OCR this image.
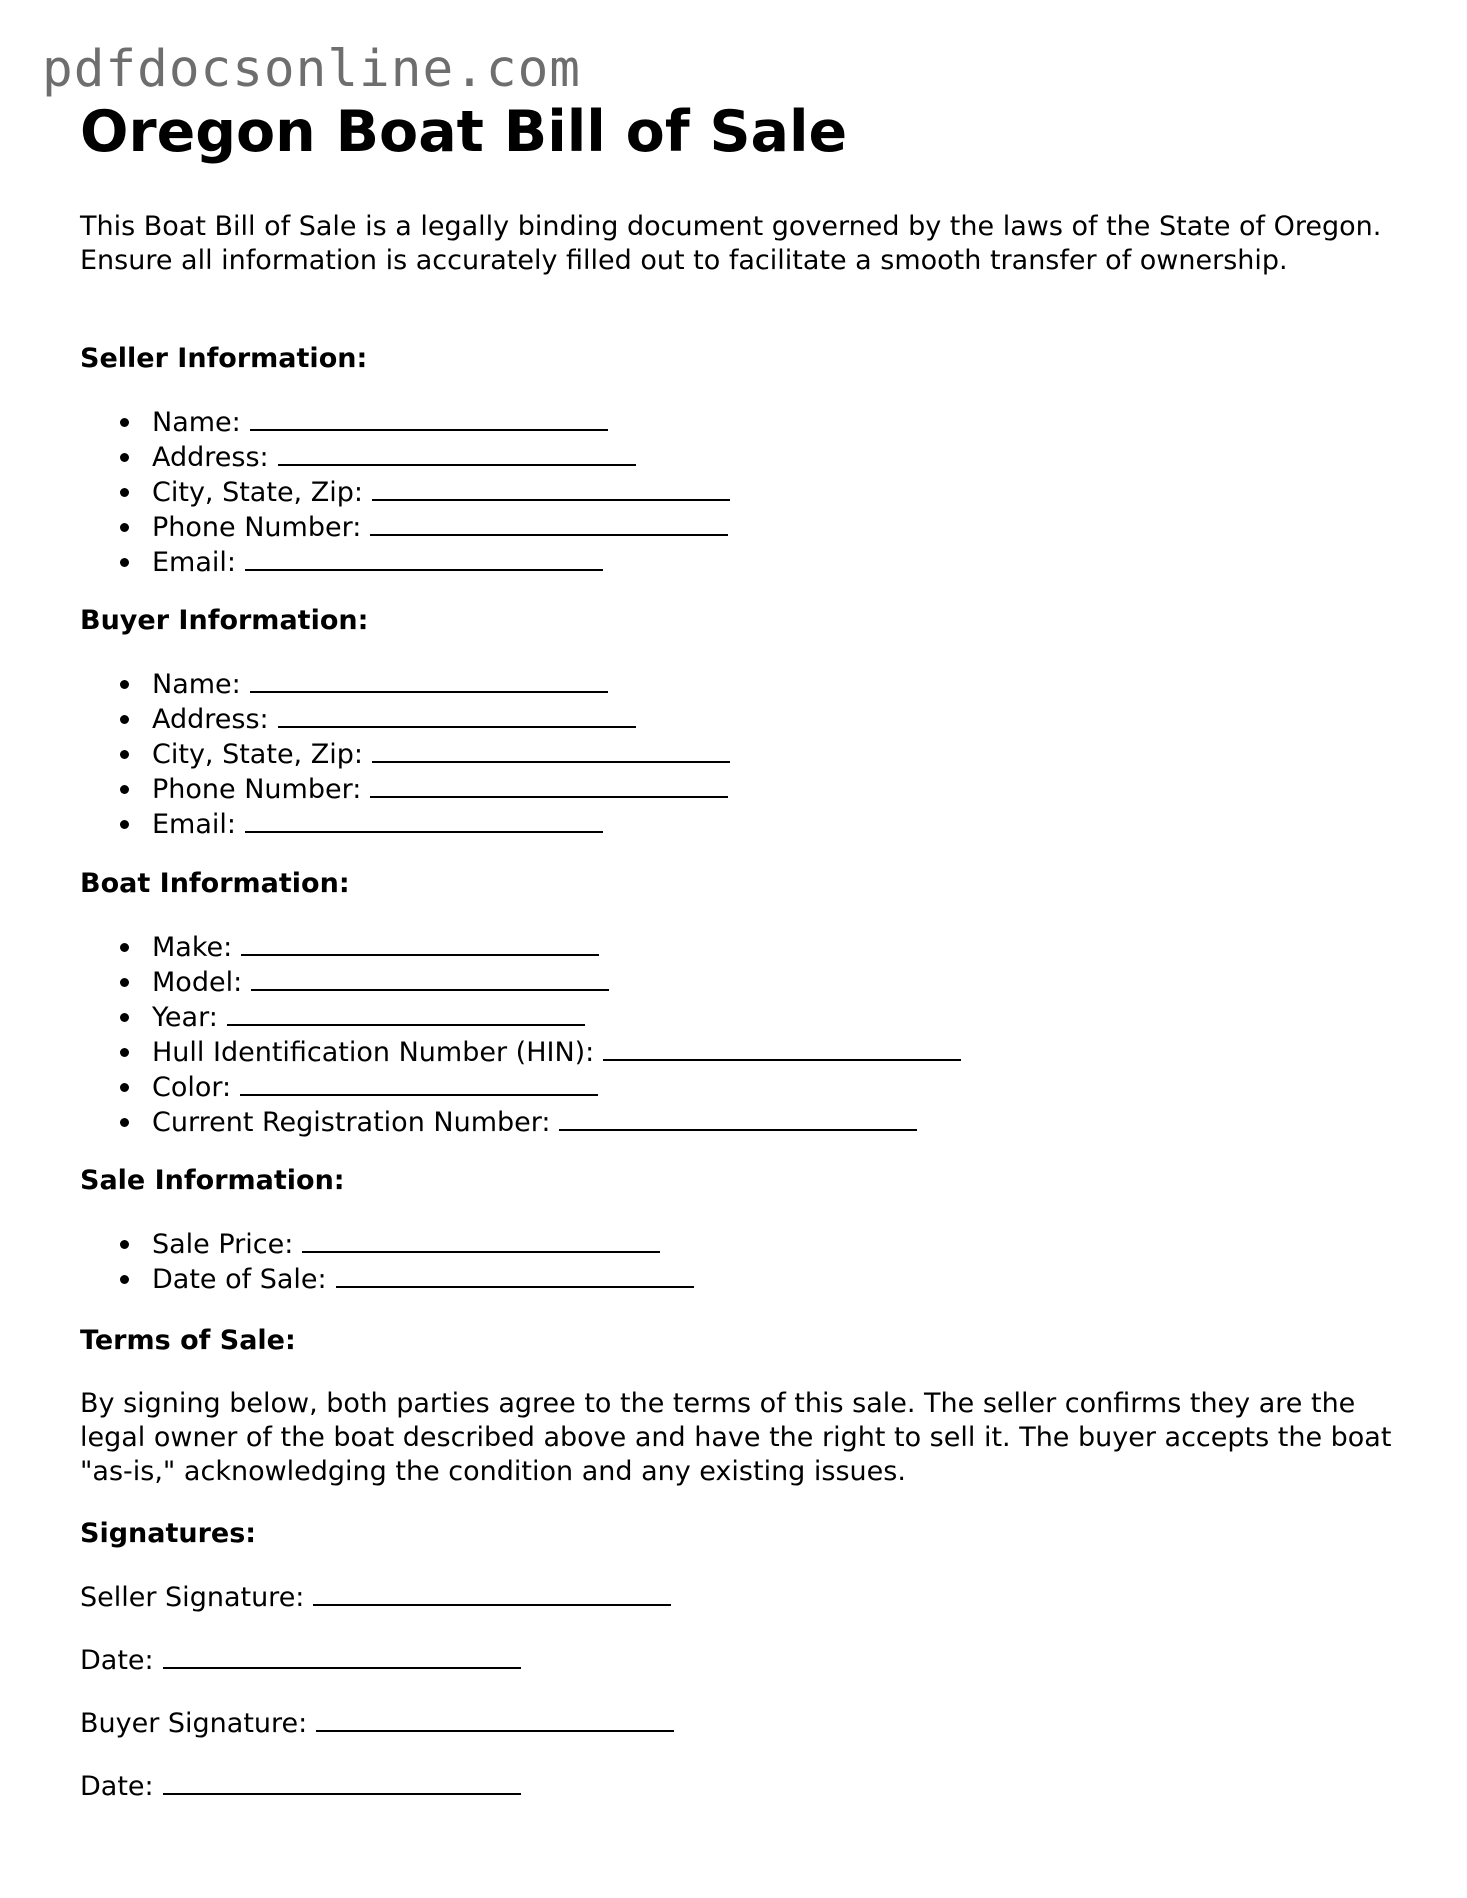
pdfdocsonline.com
Oregon Boat Bill of Sale

This Boat Bill of Sale is a legally binding document governed by the laws of the State of Oregon. Ensure all information is accurately filled out to facilitate a smooth transfer of ownership.

Seller Information:
Name:
Address:
City, State, Zip:
Phone Number:
Email:
Buyer Information:
Name:
Address:
City, State, Zip:
Phone Number:
Email:
Boat Information:
Make:
Model:
Year:
Hull Identification Number (HIN):
Color:
Current Registration Number:
Sale Information:
Sale Price:
Date of Sale:
Terms of Sale:

By signing below, both parties agree to the terms of this sale. The seller confirms they are the legal owner of the boat described above and have the right to sell it. The buyer accepts the boat "as-is," acknowledging the condition and any existing issues.

Signatures:

Seller Signature:

Date:

Buyer Signature:

Date:
